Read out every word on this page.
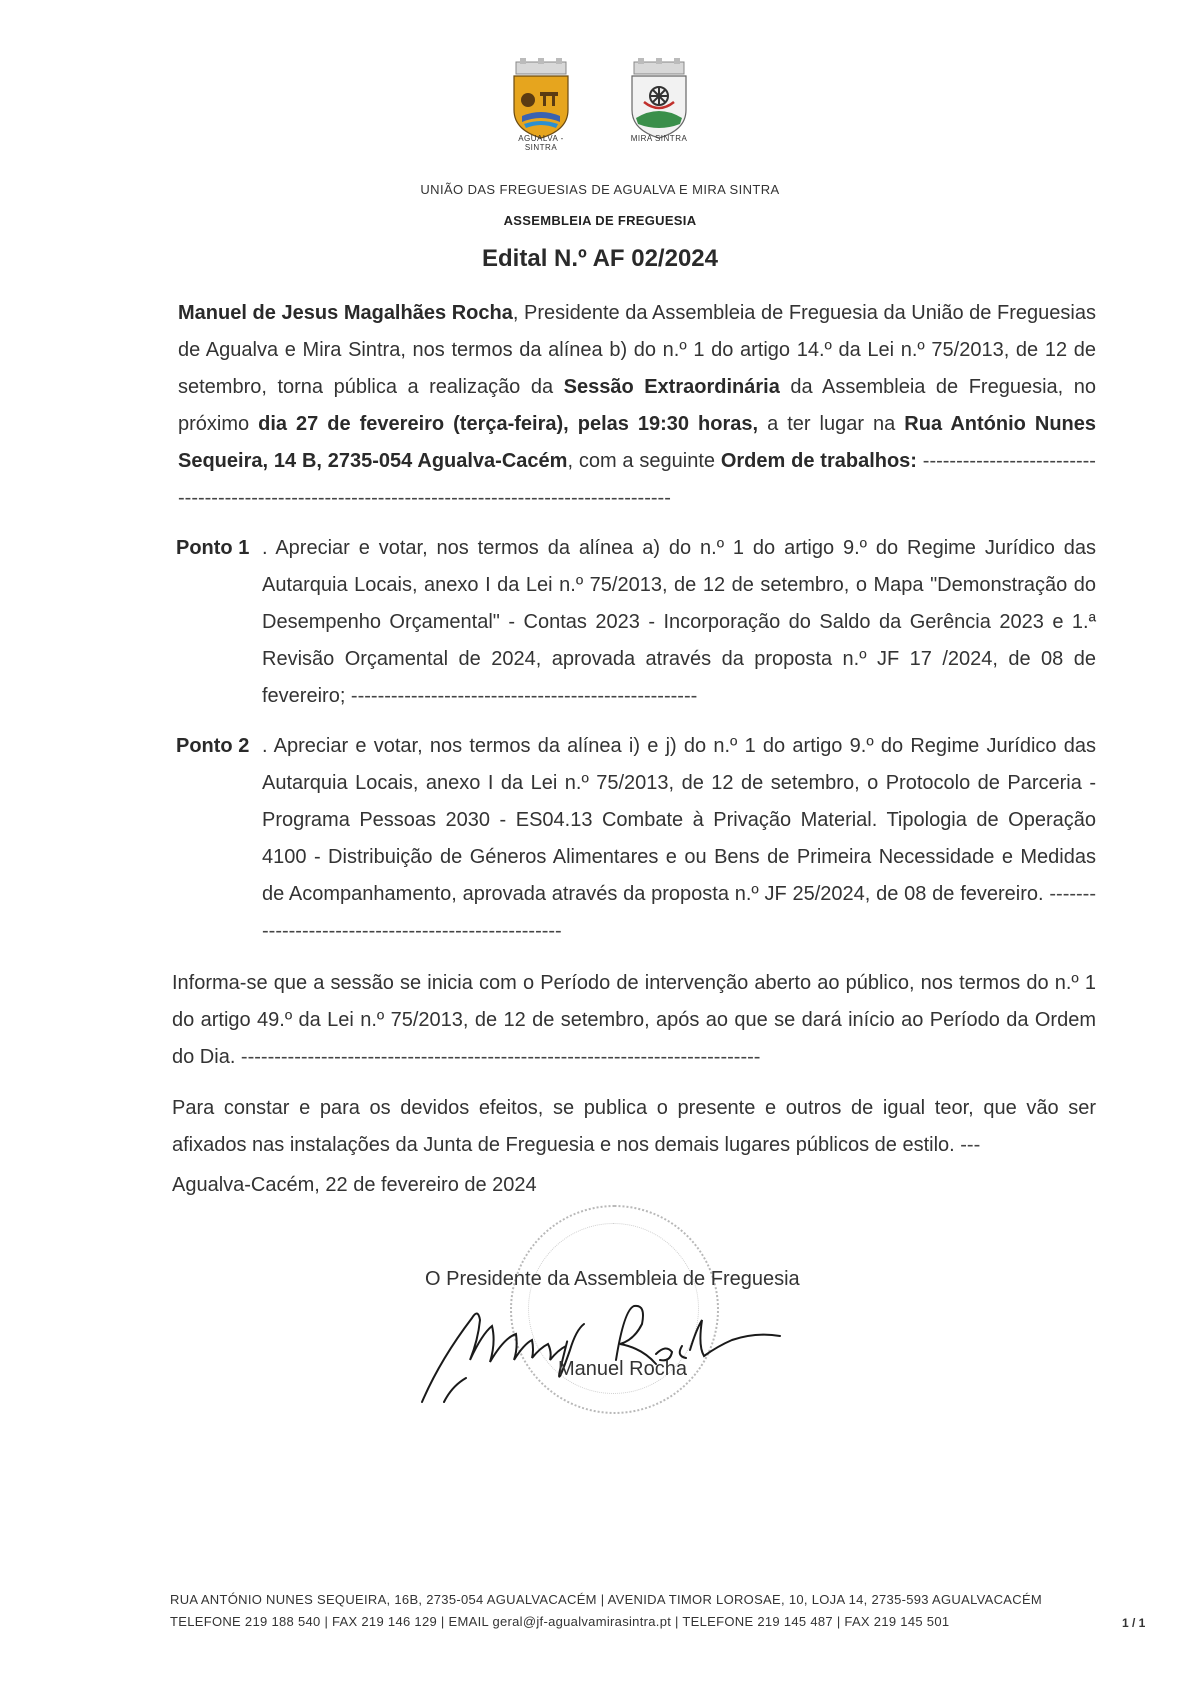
AGUALVA - SINTRA
MIRA SINTRA
UNIÃO DAS FREGUESIAS DE AGUALVA E MIRA SINTRA
ASSEMBLEIA DE FREGUESIA
Edital N.º AF 02/2024
Manuel de Jesus Magalhães Rocha, Presidente da Assembleia de Freguesia da União de Freguesias de Agualva e Mira Sintra, nos termos da alínea b) do n.º 1 do artigo 14.º da Lei n.º 75/2013, de 12 de setembro, torna pública a realização da Sessão Extraordinária da Assembleia de Freguesia, no próximo dia 27 de fevereiro (terça-feira), pelas 19:30 horas, a ter lugar na Rua António Nunes Sequeira, 14 B, 2735-054 Agualva-Cacém, com a seguinte Ordem de trabalhos: ----------------------------------------------------------------------------------------------------
Ponto 1 . Apreciar e votar, nos termos da alínea a) do n.º 1 do artigo 9.º do Regime Jurídico das Autarquia Locais, anexo I da Lei n.º 75/2013, de 12 de setembro, o Mapa "Demonstração do Desempenho Orçamental" - Contas 2023 - Incorporação do Saldo da Gerência 2023 e 1.ª Revisão Orçamental de 2024, aprovada através da proposta n.º JF 17 /2024, de 08 de fevereiro; ----------------------------------------------------
Ponto 2 . Apreciar e votar, nos termos da alínea i) e j) do n.º 1 do artigo 9.º do Regime Jurídico das Autarquia Locais, anexo I da Lei n.º 75/2013, de 12 de setembro, o Protocolo de Parceria - Programa Pessoas 2030 - ES04.13 Combate à Privação Material. Tipologia de Operação 4100 - Distribuição de Géneros Alimentares e ou Bens de Primeira Necessidade e Medidas de Acompanhamento, aprovada através da proposta n.º JF 25/2024, de 08 de fevereiro. ----------------------------------------------------
Informa-se que a sessão se inicia com o Período de intervenção aberto ao público, nos termos do n.º 1 do artigo 49.º da Lei n.º 75/2013, de 12 de setembro, após ao que se dará início ao Período da Ordem do Dia. ------------------------------------------------------------------------------
Para constar e para os devidos efeitos, se publica o presente e outros de igual teor, que vão ser afixados nas instalações da Junta de Freguesia e nos demais lugares públicos de estilo. ---
Agualva-Cacém, 22 de fevereiro de 2024
O Presidente da Assembleia de Freguesia
Manuel Rocha
RUA ANTÓNIO NUNES SEQUEIRA, 16B, 2735-054 AGUALVACACÉM | AVENIDA TIMOR LOROSAE, 10, LOJA 14, 2735-593 AGUALVACACÉM
TELEFONE 219 188 540 | FAX 219 146 129 | EMAIL geral@jf-agualvamirasintra.pt | TELEFONE 219 145 487 | FAX 219 145 501	1 / 1
